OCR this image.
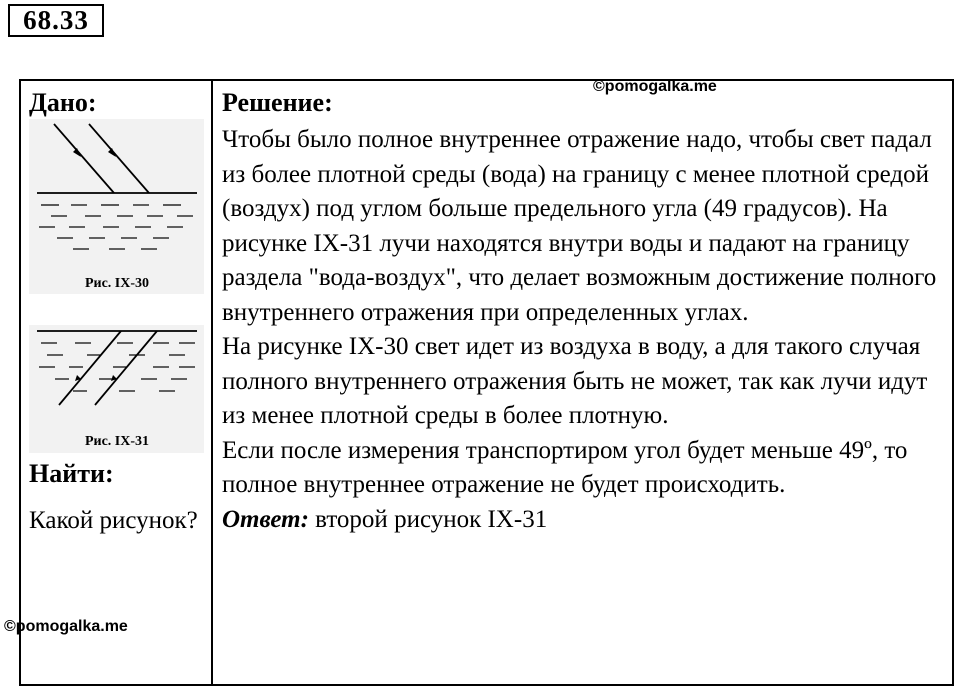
68.33
Дано:
Рис. IX-30
Рис. IX-31
Найти:
Какой рисунок?
©pomogalka.me
©pomogalka.me
Решение:

Чтобы было полное внутреннее отражение надо, чтобы свет падал из более плотной среды (вода) на границу с менее плотной средой (воздух) под углом больше предельного угла (49 градусов). На рисунке IX-31 лучи находятся внутри воды и падают на границу раздела "вода-воздух", что делает возможным достижение полного внутреннего отражения при определенных углах.

На рисунке IX-30 свет идет из воздуха в воду, а для такого случая полного внутреннего отражения быть не может, так как лучи идут из менее плотной среды в более плотную.

Если после измерения транспортиром угол будет меньше 49º, то полное внутреннее отражение не будет происходить.

Ответ: второй рисунок IX-31
